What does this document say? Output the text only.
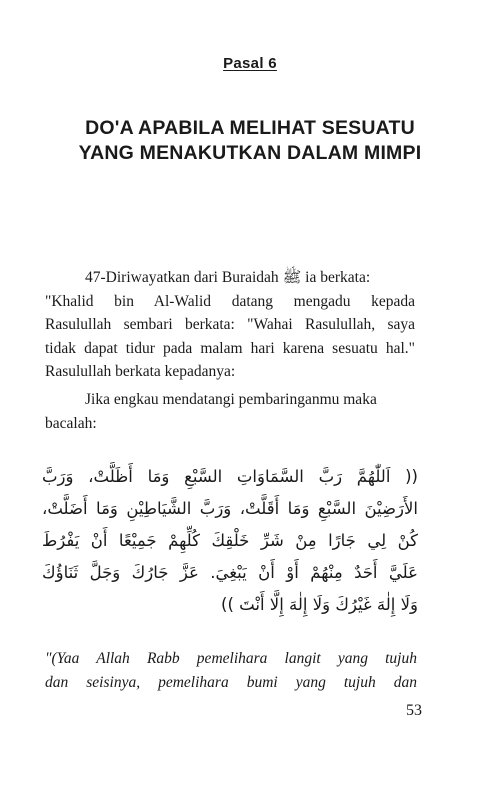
Pasal 6
DO'A APABILA MELIHAT SESUATU
YANG MENAKUTKAN DALAM MIMPI
47-Diriwayatkan dari Buraidah ﷺ ia berkata:
"Khalid bin Al-Walid datang mengadu kepada
Rasulullah sembari berkata: "Wahai Rasulullah, saya
tidak dapat tidur pada malam hari karena sesuatu hal."
Rasulullah berkata kepadanya:
Jika engkau mendatangi pembaringanmu maka
bacalah:
(( اَللّٰهُمَّ رَبَّ السَّمَاوَاتِ السَّبْعِ وَمَا أَظَلَّتْ، وَرَبَّ
الأَرَضِيْنَ السَّبْعِ وَمَا أَقَلَّتْ، وَرَبَّ الشَّيَاطِيْنِ وَمَا أَضَلَّتْ،
كُنْ لِي جَارًا مِنْ شَرِّ خَلْقِكَ كُلِّهِمْ جَمِيْعًا أَنْ يَفْرُطَ
عَلَيَّ أَحَدٌ مِنْهُمْ أَوْ أَنْ يَبْغِيَ. عَزَّ جَارُكَ وَجَلَّ ثَنَاؤُكَ
وَلَا إِلٰهَ غَيْرُكَ وَلَا إِلٰهَ إِلَّا أَنْتَ ))
"(Yaa Allah Rabb pemelihara langit yang tujuh
dan seisinya, pemelihara bumi yang tujuh dan
53
